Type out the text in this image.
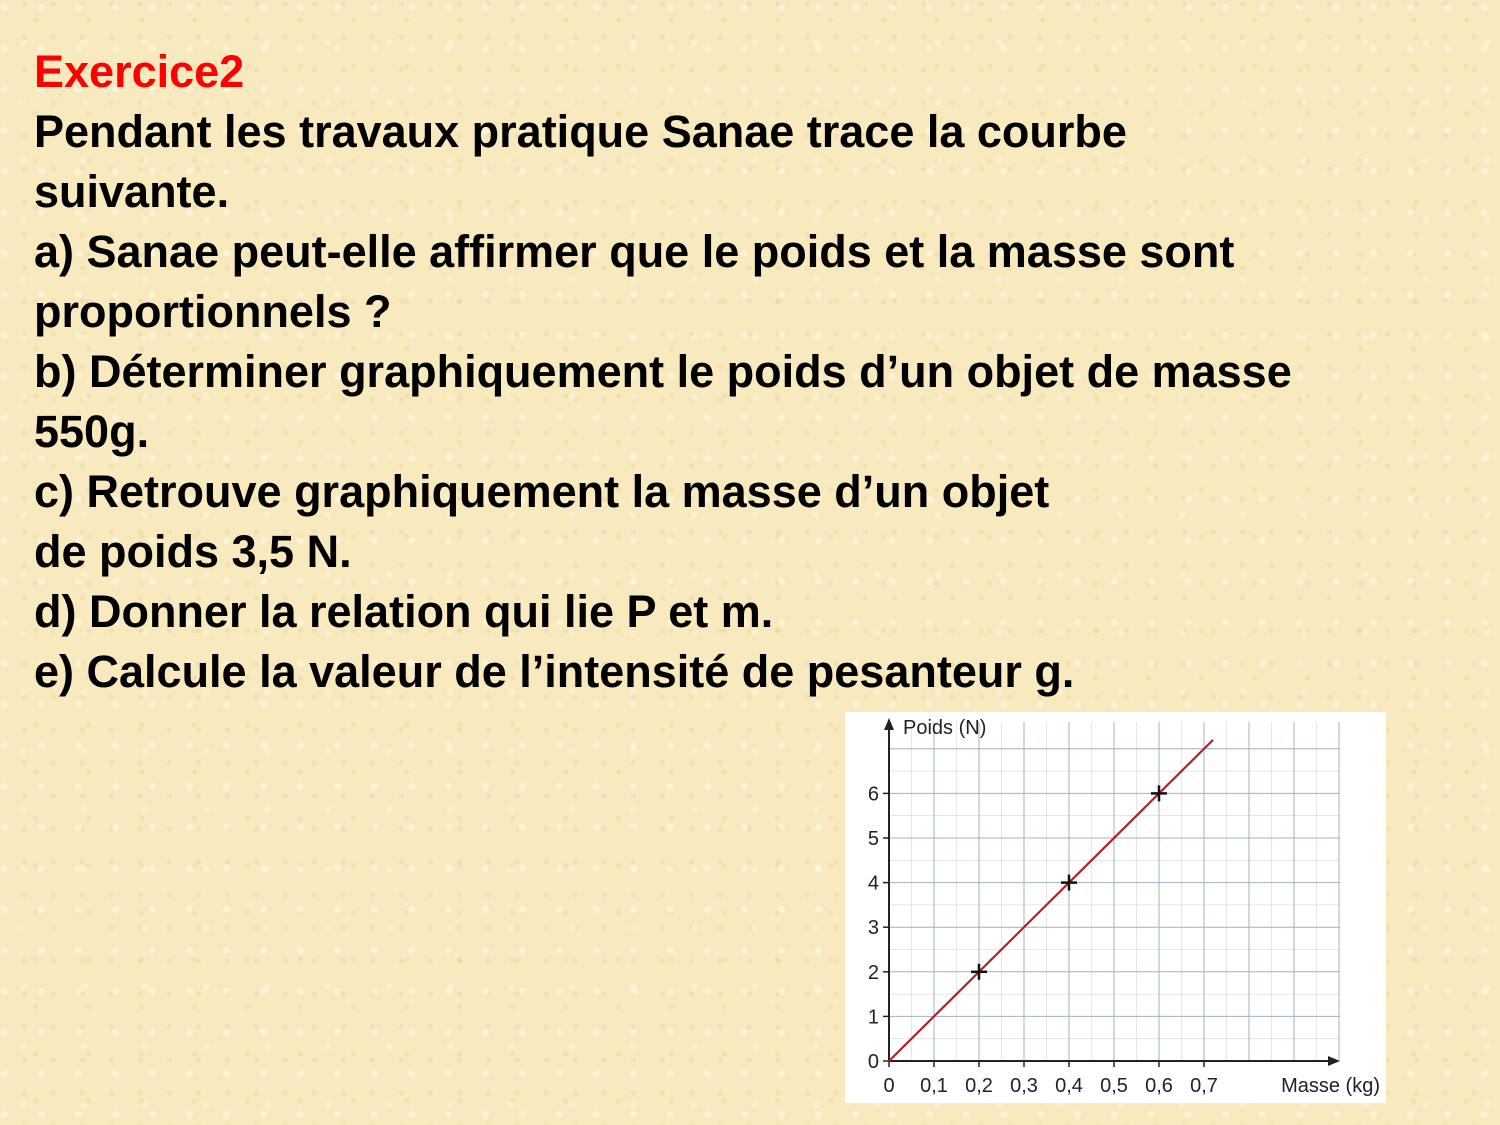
Exercice2
Pendant les travaux pratique Sanae trace la courbe
suivante.
a) Sanae peut-elle affirmer que le poids et la masse sont
proportionnels ?
b) Déterminer graphiquement le poids d’un objet de masse
550g.
c) Retrouve graphiquement la masse d’un objet
de poids 3,5 N.
d) Donner la relation qui lie P et m.
e) Calcule la valeur de l’intensité de pesanteur g.
0
1
2
3
4
5
6
0 0,1 0,2 0,3 0,4 0,5 0,6 0,7
Poids (N)
Masse (kg)
